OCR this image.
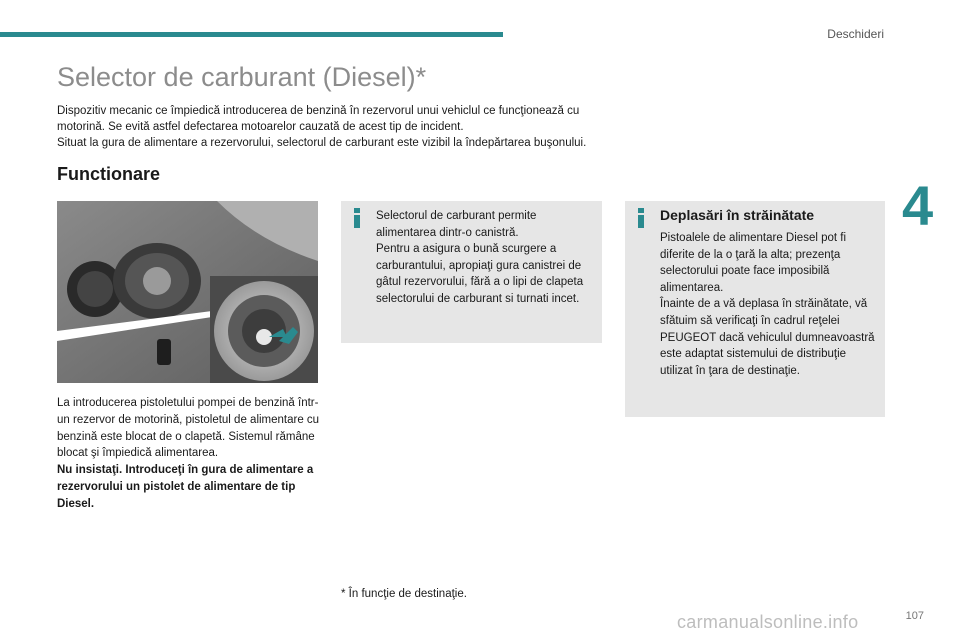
Deschideri
4
Selector de carburant (Diesel)*

Dispozitiv mecanic ce împiedică introducerea de benzină în rezervorul unui vehiclul ce funcţionează cu motorină. Se evită astfel defectarea motoarelor cauzată de acest tip de incident.

Situat la gura de alimentare a rezervorului, selectorul de carburant este vizibil la îndepărtarea buşonului.

Functionare
La introducerea pistoletului pompei de benzină într-un rezervor de motorină, pistoletul de alimentare cu benzină este blocat de o clapetă. Sistemul rămâne blocat şi împiedică alimentarea.
Nu insistaţi. Introduceţi în gura de alimentare a rezervorului un pistolet de alimentare de tip Diesel.
Selectorul de carburant permite alimentarea dintr-o canistră.
Pentru a asigura o bună scurgere a carburantului, apropiaţi gura canistrei de gâtul rezervorului, fără a o lipi de clapeta selectorului de carburant si turnati incet.
Deplasări în străinătate
Pistoalele de alimentare Diesel pot fi diferite de la o ţară la alta; prezenţa selectorului poate face imposibilă alimentarea.
Înainte de a vă deplasa în străinătate, vă sfătuim să verificaţi în cadrul reţelei PEUGEOT dacă vehiculul dumneavoastră este adaptat sistemului de distribuţie utilizat în ţara de destinaţie.

* În funcţie de destinaţie.

107
carmanualsonline.info
